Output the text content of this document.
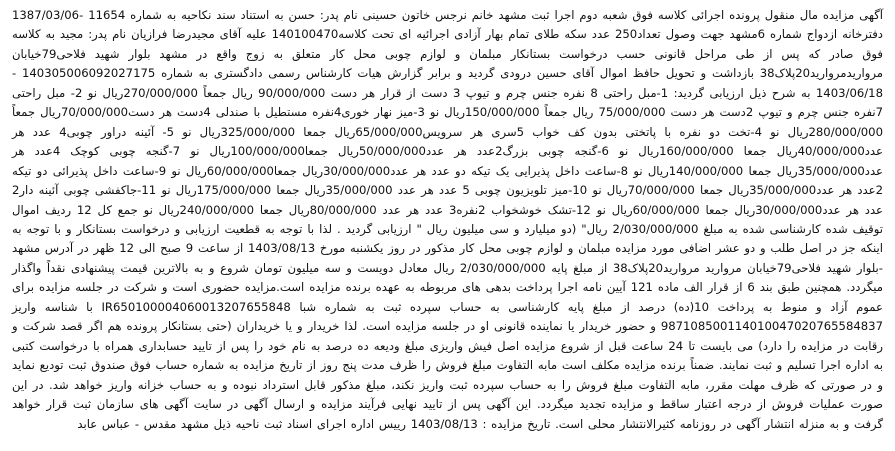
آگهی مزایده مال منقول پرونده اجرائی کلاسه فوق شعبه دوم اجرا ثبت مشهد خانم نرجس خاتون حسینی نام پدر: حسن به استناد سند نکاحیه به شماره 11654 -1387/03/06 دفترخانه ازدواج شماره 6مشهد جهت وصول تعداد250 عدد سکه طلای تمام بهار آزادی اجرائیه ای تحت کلاسه140100470 علیه آقای مجیدرضا فرازیان نام پدر: مجید به کلاسه فوق صادر که پس از طی مراحل قانونی حسب درخواست بستانکار مبلمان و لوازم چوبی محل کار متعلق به زوج واقع در مشهد بلوار شهید فلاحی79خیابان مرواریدمروارید20پلاک38 بازداشت و تحویل حافظ اموال آقای حسین درودی گردید و برابر گزارش هیات کارشناس رسمی دادگستری به شماره 140305006092027175 - 1403/06/18 به شرح ذیل ارزیابی گردید: 1-مبل راحتی 8 نفره جنس چرم و تیوپ 3 دست از قرار هر دست 90/000/000 ریال جمعاً 270/000/000ریال نو 2- مبل راحتی 7نفره جنس چرم و تیوپ 2دست هر دست 75/000/000 ریال جمعاً 150/000/000ریال نو 3-میز نهار خوری4نفره مستطیل با صندلی 4دست هر دست70/000/000ریال جمعاً 280/000/000ریال نو 4-تخت دو نفره با پاتختی بدون کف خواب 5سری هر سرویس65/000/000ریال جمعا 325/000/000ریال نو 5- آئینه دراور چوبی4 عدد هر عدد40/000/000ریال جمعا 160/000/000ریال نو 6-گنجه چوبی بزرگ2عدد هر عدد50/000/000ریال جمعا100/000/000ریال نو 7-گنجه چوبی کوچک 4عدد هر عدد35/000/000ریال جمعا 140/000/000ریال نو 8-ساعت داخل پذیرایی یک تیکه دو عدد هر عدد30/000/000ریال جمعا60/000/000ریال نو 9-ساعت داخل پذیرائی دو تیکه 2عدد هر عدد35/000/000ریال جمعا 70/000/000ریال نو 10-میز تلویزیون چوبی 5 عدد هر عدد 35/000/000ریال جمعا 175/000/000ریال نو 11-جاکفشی چوبی آئینه دار2 عدد هر عدد30/000/000ریال جمعا 60/000/000ریال نو 12-تشک خوشخواب 2نفره3 عدد هر عدد 80/000/000ریال جمعا 240/000/000ریال نو جمع کل 12 ردیف اموال توقیف شده کارشناسی شده به مبلغ 2/030/000/000 ریال" (دو میلیارد و سی میلیون ریال " ارزیابی گردید . لذا با توجه به قطعیت ارزیابی و درخواست بستانکار و با توجه به اینکه جز در اصل طلب و دو عشر اضافی مورد مزایده مبلمان و لوازم چوبی محل کار مذکور در روز یکشنبه مورخ 1403/08/13 از ساعت 9 صبح الی 12 ظهر در آدرس مشهد -بلوار شهید فلاحی79خیابان مروارید مروارید20پلاک38 از مبلغ پایه 2/030/000/000 ریال معادل دویست و سه میلیون تومان شروع و به بالاترین قیمت پیشنهادی نقداً واگذار میگردد. همچنین طبق بند 6 از قرار الف ماده 121 آیین نامه اجرا پرداخت بدهی های مربوطه به عهده برنده مزایده است.مزایده حضوری است و شرکت در جلسه مزایده برای عموم آزاد و منوط به پرداخت 10(ده) درصد از مبلغ پایه کارشناسی به حساب سپرده ثبت به شماره شبا IR650100004060013207655848 با شناسه واریز 987108500114010047020765584837 و حضور خریدار یا نماینده قانونی او در جلسه مزایده است. لذا خریدار و یا خریداران (حتی بستانکار پرونده هم اگر قصد شرکت و رقابت در مزایده را دارد) می بایست تا 24 ساعت قبل از شروع مزایده اصل فیش واریزی مبلغ ودیعه ده درصد به نام خود را پس از تایید حسابداری همراه با درخواست کتبی به اداره اجرا تسلیم و ثبت نمایند. ضمناً برنده مزایده مکلف است مابه التفاوت مبلغ فروش را ظرف مدت پنج روز از تاریخ مزایده به شماره حساب فوق صندوق ثبت تودیع نماید و در صورتی که ظرف مهلت مقرر، مابه التفاوت مبلغ فروش را به حساب سپرده ثبت واریز نکند، مبلغ مذکور قابل استرداد نبوده و به حساب خزانه واریز خواهد شد. در این صورت عملیات فروش از درجه اعتبار ساقط و مزایده تجدید میگردد. این آگهی پس از تایید نهایی فرآیند مزایده و ارسال آگهی در سایت آگهی های سازمان ثبت قرار خواهد گرفت و به منزله انتشار آگهی در روزنامه کثیرالانتشار محلی است. تاریخ مزایده : 1403/08/13 رییس اداره اجرای اسناد ثبت ناحیه ذیل مشهد مقدس - عباس عابد
